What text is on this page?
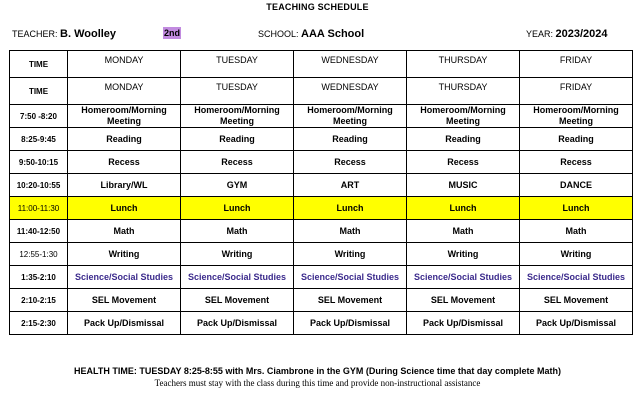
TEACHING SCHEDULE
TEACHER: B. Woolley	2nd	SCHOOL: AAA School	YEAR: 2023/2024
TIME	MONDAY	TUESDAY	WEDNESDAY	THURSDAY	FRIDAY
TIME	MONDAY	TUESDAY	WEDNESDAY	THURSDAY	FRIDAY
7:50 -8:20	Homeroom/Morning Meeting	Homeroom/Morning Meeting	Homeroom/Morning Meeting	Homeroom/Morning Meeting	Homeroom/Morning Meeting
8:25-9:45	Reading	Reading	Reading	Reading	Reading
9:50-10:15	Recess	Recess	Recess	Recess	Recess
10:20-10:55	Library/WL	GYM	ART	MUSIC	DANCE
11:00-11:30	Lunch	Lunch	Lunch	Lunch	Lunch
11:40-12:50	Math	Math	Math	Math	Math
12:55-1:30	Writing	Writing	Writing	Writing	Writing
1:35-2:10	Science/Social Studies	Science/Social Studies	Science/Social Studies	Science/Social Studies	Science/Social Studies
2:10-2:15	SEL Movement	SEL Movement	SEL Movement	SEL Movement	SEL Movement
2:15-2:30	Pack Up/Dismissal	Pack Up/Dismissal	Pack Up/Dismissal	Pack Up/Dismissal	Pack Up/Dismissal
HEALTH TIME: TUESDAY 8:25-8:55 with Mrs. Ciambrone in the GYM (During Science time that day complete Math)
Teachers must stay with the class during this time and provide non-instructional assistance
